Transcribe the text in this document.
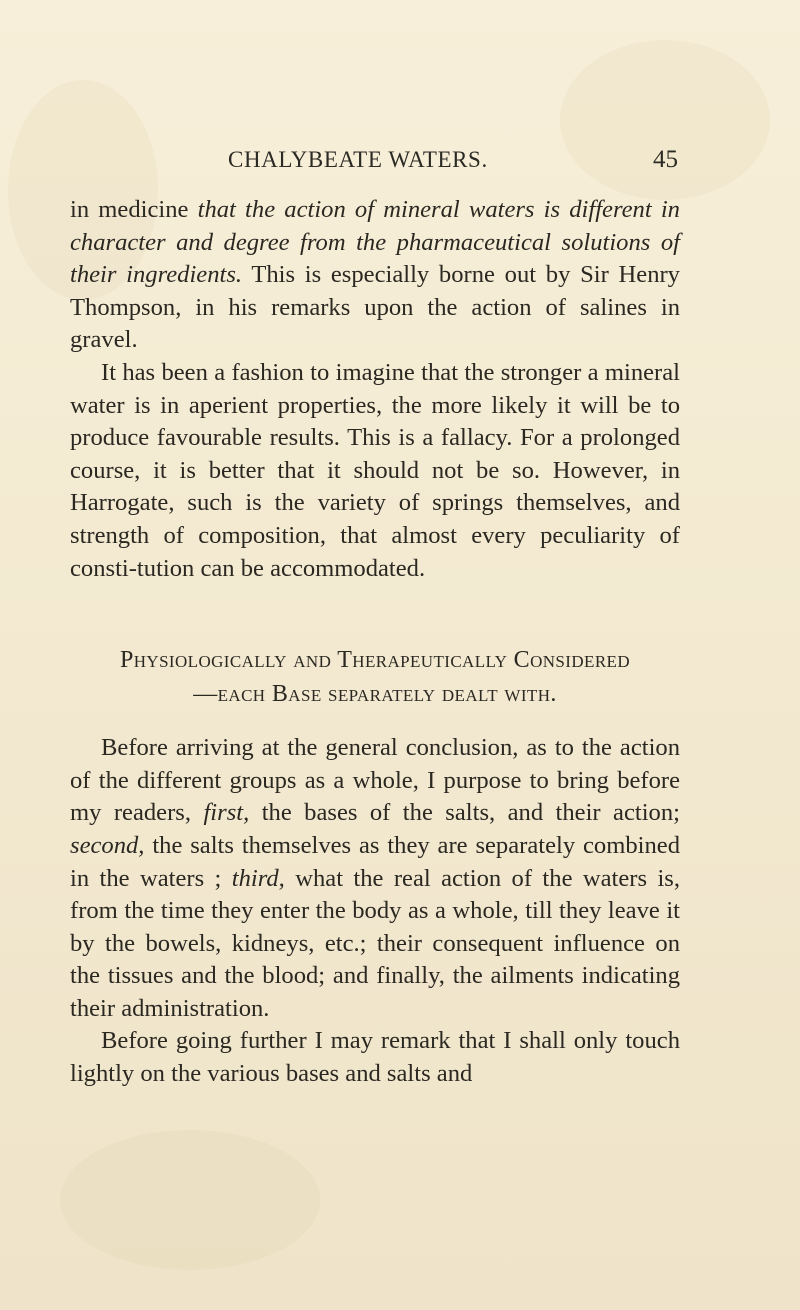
CHALYBEATE WATERS.	45

in medicine that the action of mineral waters is different in character and degree from the pharmaceutical solutions of their ingredients. This is especially borne out by Sir Henry Thompson, in his remarks upon the action of salines in gravel.

It has been a fashion to imagine that the stronger a mineral water is in aperient properties, the more likely it will be to produce favourable results. This is a fallacy. For a prolonged course, it is better that it should not be so. However, in Harrogate, such is the variety of springs themselves, and strength of composition, that almost every peculiarity of consti-tution can be accommodated.

Physiologically and Therapeutically Considered
—each Base separately dealt with.

Before arriving at the general conclusion, as to the action of the different groups as a whole, I purpose to bring before my readers, first, the bases of the salts, and their action; second, the salts themselves as they are separately combined in the waters ; third, what the real action of the waters is, from the time they enter the body as a whole, till they leave it by the bowels, kidneys, etc.; their consequent influence on the tissues and the blood; and finally, the ailments indicating their administration.

Before going further I may remark that I shall only touch lightly on the various bases and salts and
